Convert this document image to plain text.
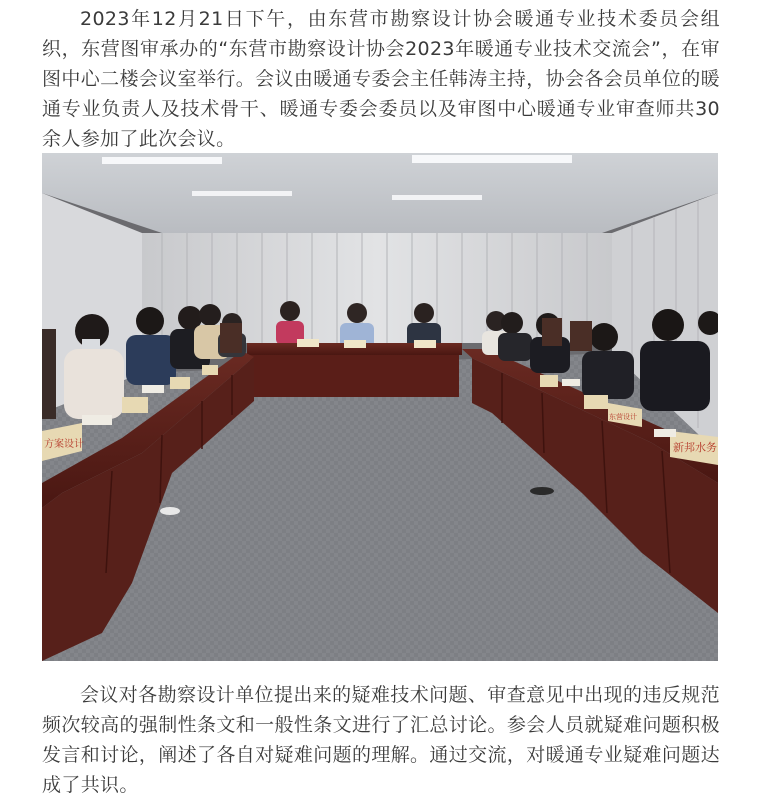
2023年12月21日下午，由东营市勘察设计协会暖通专业技术委员会组织，东营图审承办的“东营市勘察设计协会2023年暖通专业技术交流会”，在审图中心二楼会议室举行。会议由暖通专委会主任韩涛主持，协会各会员单位的暖通专业负责人及技术骨干、暖通专委会委员以及审图中心暖通专业审查师共30余人参加了此次会议。

方案设计
东营设计
新邦水务

会议对各勘察设计单位提出来的疑难技术问题、审查意见中出现的违反规范频次较高的强制性条文和一般性条文进行了汇总讨论。参会人员就疑难问题积极发言和讨论，阐述了各自对疑难问题的理解。通过交流，对暖通专业疑难问题达成了共识。
